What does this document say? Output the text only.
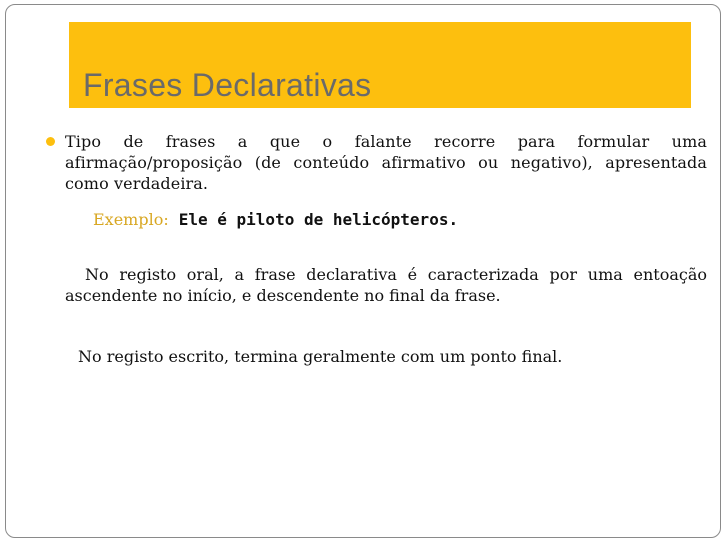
Frases Declarativas
Tipo de frases a que o falante recorre para formular uma afirmação/proposição (de conteúdo afirmativo ou negativo), apresentada como verdadeira.
Exemplo: Ele é piloto de helicópteros.
No registo oral, a frase declarativa é caracterizada por uma entoação ascendente no início, e descendente no final da frase.
No registo escrito, termina geralmente com um ponto final.
